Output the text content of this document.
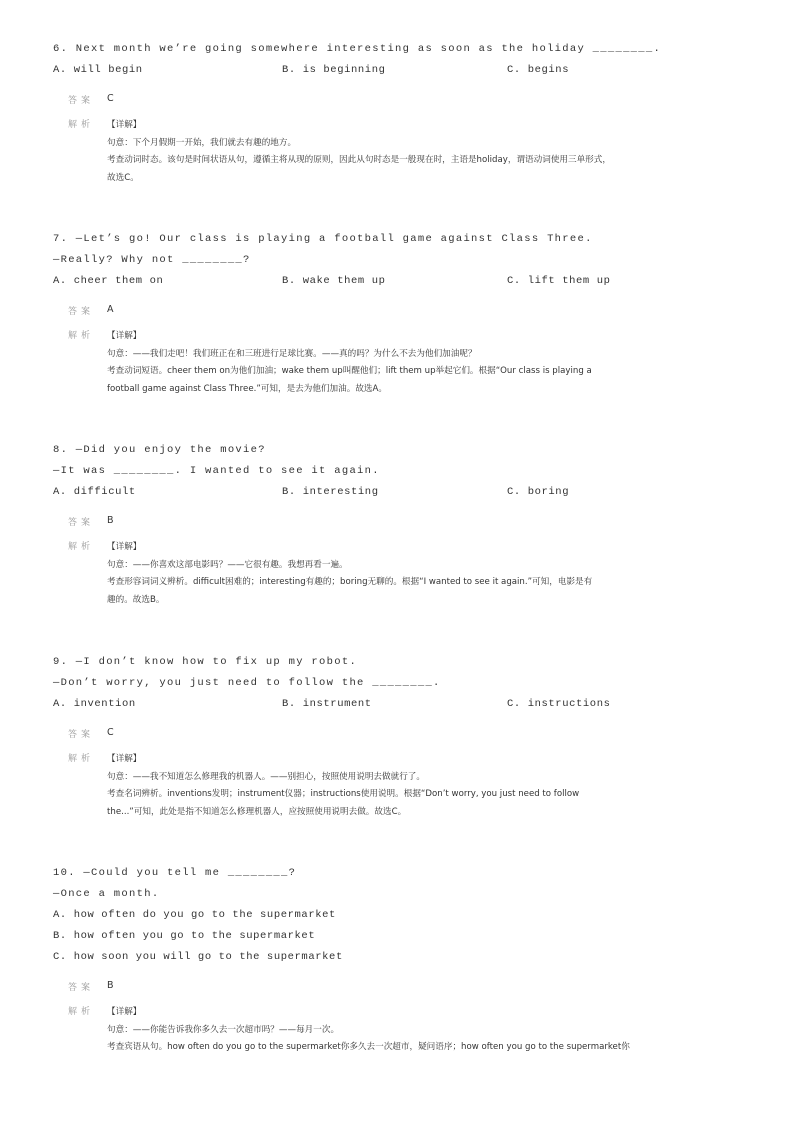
6. Next month we’re going somewhere interesting as soon as the holiday ________.

A. will begin

	B. is beginning

	C. begins

答案 C
解析 【详解】
句意：下个月假期一开始，我们就去有趣的地方。
考查动词时态。该句是时间状语从句，遵循主将从现的原则，因此从句时态是一般现在时，主语是holiday，谓语动词使用三单形式，
故选C。
7. —Let’s go! Our class is playing a football game against Class Three.
—Really? Why not ________?

A. cheer them on

	B. wake them up

	C. lift them up

答案 A
解析 【详解】
句意：——我们走吧！我们班正在和三班进行足球比赛。——真的吗？为什么不去为他们加油呢？
考查动词短语。cheer them on为他们加油；wake them up叫醒他们；lift them up举起它们。根据“Our class is playing a
football game against Class Three.”可知，是去为他们加油。故选A。
8. —Did you enjoy the movie?
—It was ________. I wanted to see it again.

A. difficult

	B. interesting

	C. boring

答案 B
解析 【详解】
句意：——你喜欢这部电影吗？——它很有趣。我想再看一遍。
考查形容词词义辨析。difficult困难的；interesting有趣的；boring无聊的。根据“I wanted to see it again.”可知，电影是有
趣的。故选B。
9. —I don’t know how to fix up my robot.
—Don’t worry, you just need to follow the ________.

A. invention

	B. instrument

	C. instructions

答案 C
解析 【详解】
句意：——我不知道怎么修理我的机器人。——别担心，按照使用说明去做就行了。
考查名词辨析。inventions发明；instrument仪器；instructions使用说明。根据“Don’t worry, you just need to follow
the...”可知，此处是指不知道怎么修理机器人，应按照使用说明去做。故选C。
10. —Could you tell me ________?
—Once a month.
A. how often do you go to the supermarket
B. how often you go to the supermarket
C. how soon you will go to the supermarket
答案 B
解析 【详解】
句意：——你能告诉我你多久去一次超市吗？——每月一次。
考查宾语从句。how often do you go to the supermarket你多久去一次超市，疑问语序；how often you go to the supermarket你
